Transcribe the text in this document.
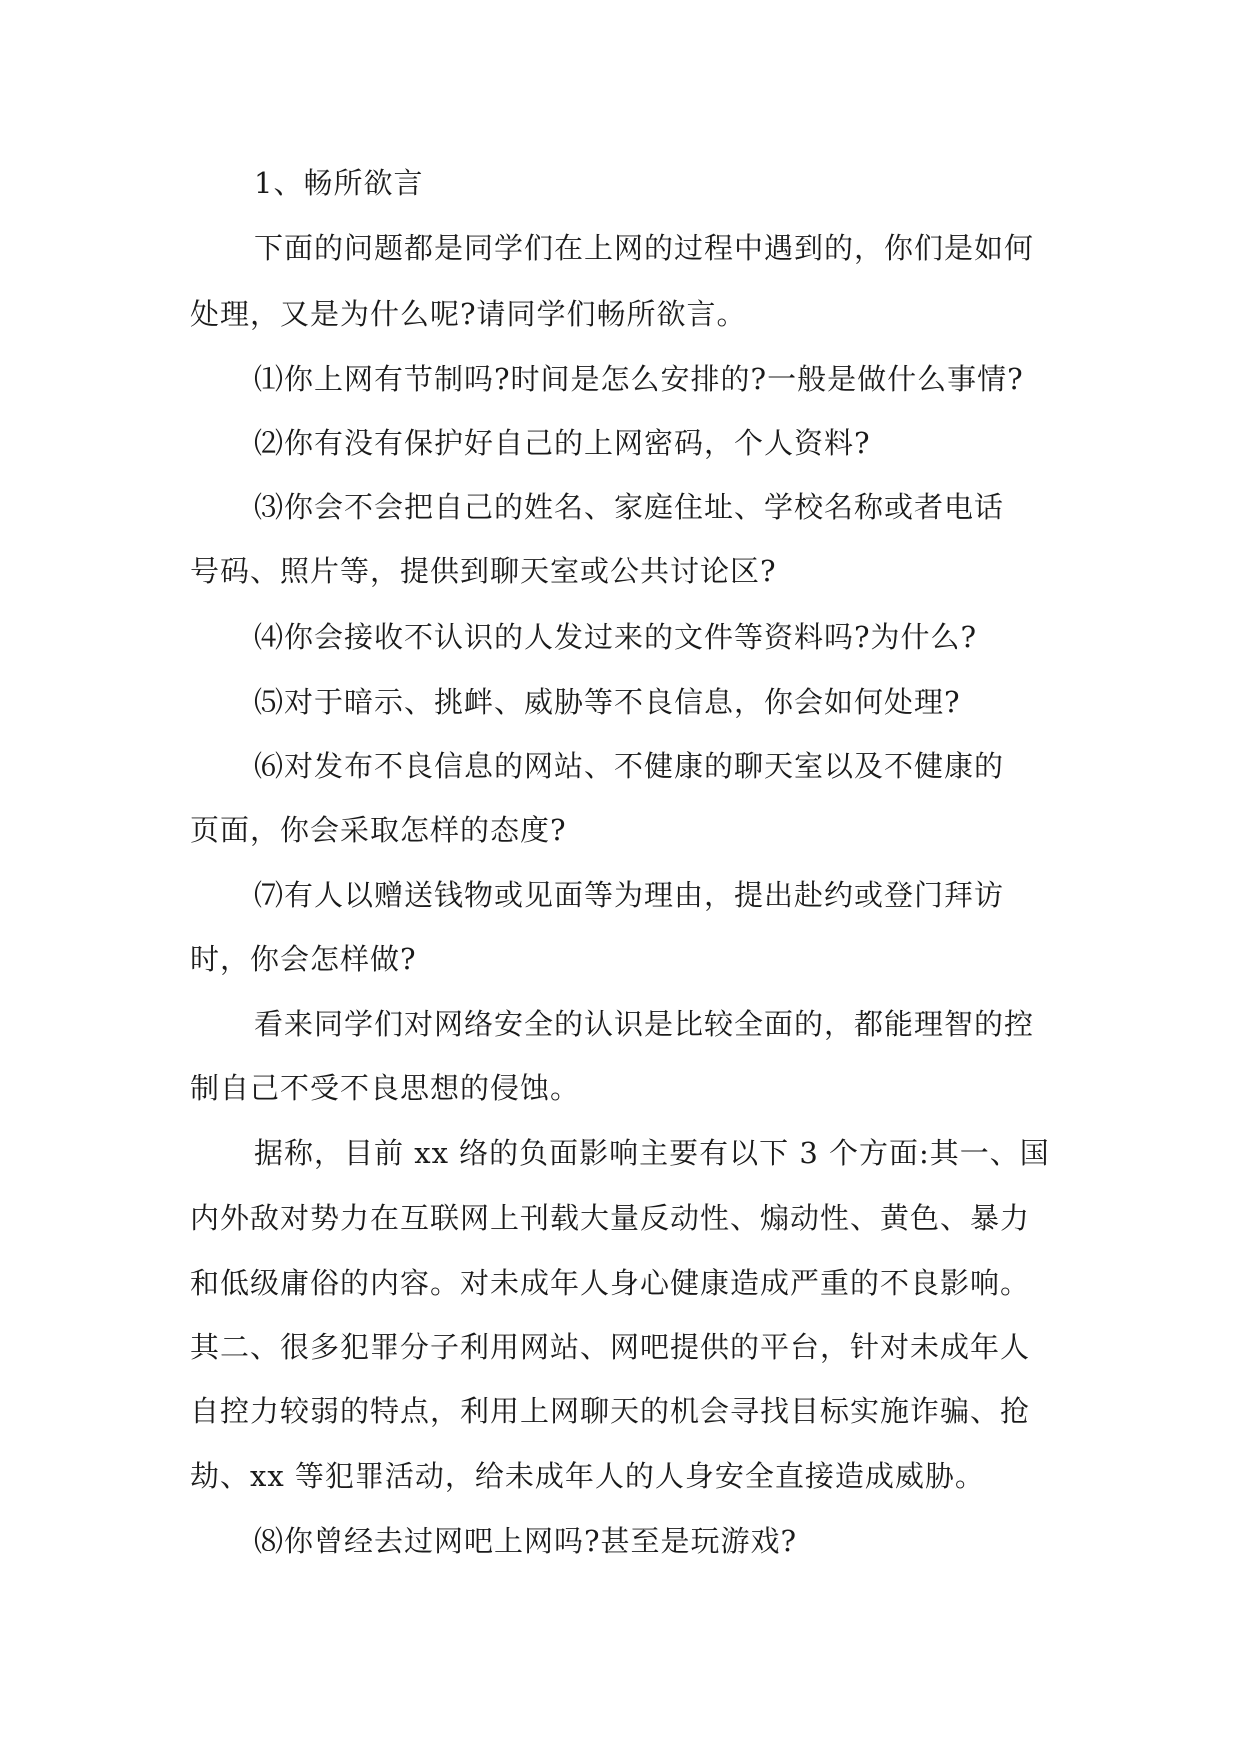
1、畅所欲言
下面的问题都是同学们在上网的过程中遇到的，你们是如何
处理，又是为什么呢?请同学们畅所欲言。
⑴你上网有节制吗?时间是怎么安排的?一般是做什么事情?
⑵你有没有保护好自己的上网密码，个人资料?
⑶你会不会把自己的姓名、家庭住址、学校名称或者电话
号码、照片等，提供到聊天室或公共讨论区?
⑷你会接收不认识的人发过来的文件等资料吗?为什么?
⑸对于暗示、挑衅、威胁等不良信息，你会如何处理?
⑹对发布不良信息的网站、不健康的聊天室以及不健康的
页面，你会采取怎样的态度?
⑺有人以赠送钱物或见面等为理由，提出赴约或登门拜访
时，你会怎样做?
看来同学们对网络安全的认识是比较全面的，都能理智的控
制自己不受不良思想的侵蚀。
据称，目前 xx 络的负面影响主要有以下 3 个方面:其一、国
内外敌对势力在互联网上刊载大量反动性、煽动性、黄色、暴力
和低级庸俗的内容。对未成年人身心健康造成严重的不良影响。
其二、很多犯罪分子利用网站、网吧提供的平台，针对未成年人
自控力较弱的特点，利用上网聊天的机会寻找目标实施诈骗、抢
劫、xx 等犯罪活动，给未成年人的人身安全直接造成威胁。
⑻你曾经去过网吧上网吗?甚至是玩游戏?
